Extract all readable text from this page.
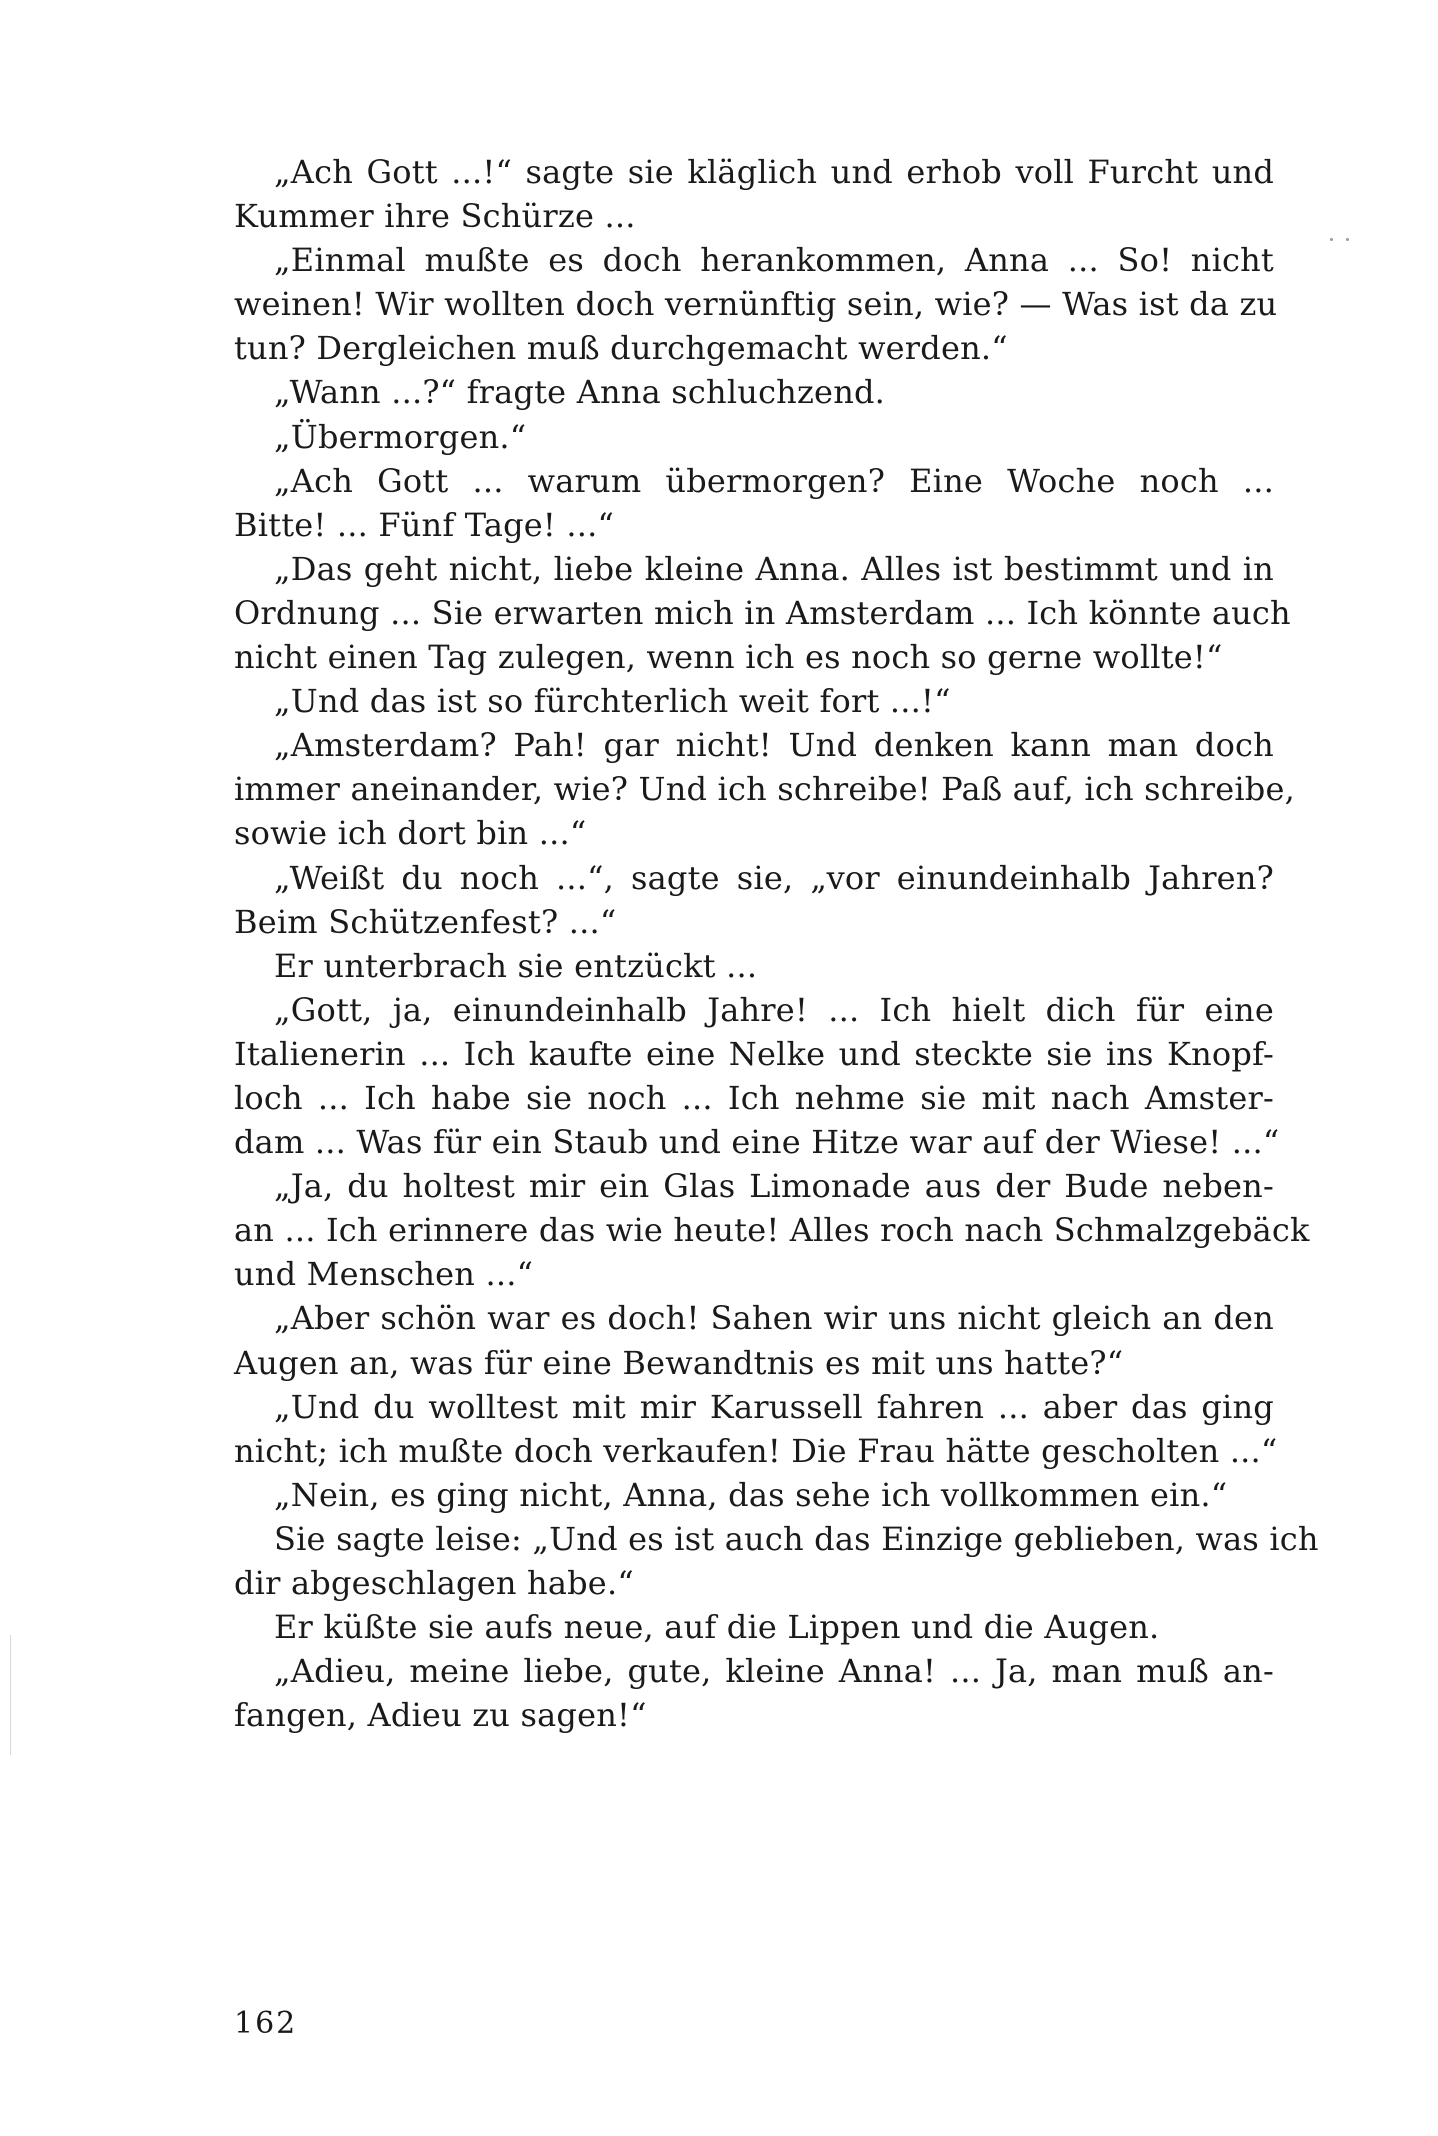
„Ach Gott ...!“ sagte sie kläglich und erhob voll Furcht und
Kummer ihre Schürze ...
„Einmal mußte es doch herankommen, Anna ... So! nicht
weinen! Wir wollten doch vernünftig sein, wie? — Was ist da zu
tun? Dergleichen muß durchgemacht werden.“
„Wann ...?“ fragte Anna schluchzend.
„Übermorgen.“
„Ach Gott ... warum übermorgen? Eine Woche noch ...
Bitte! ... Fünf Tage! ...“
„Das geht nicht, liebe kleine Anna. Alles ist bestimmt und in
Ordnung ... Sie erwarten mich in Amsterdam ... Ich könnte auch
nicht einen Tag zulegen, wenn ich es noch so gerne wollte!“
„Und das ist so fürchterlich weit fort ...!“
„Amsterdam? Pah! gar nicht! Und denken kann man doch
immer aneinander, wie? Und ich schreibe! Paß auf, ich schreibe,
sowie ich dort bin ...“
„Weißt du noch ...“, sagte sie, „vor einundeinhalb Jahren?
Beim Schützenfest? ...“
Er unterbrach sie entzückt ...
„Gott, ja, einundeinhalb Jahre! ... Ich hielt dich für eine
Italienerin ... Ich kaufte eine Nelke und steckte sie ins Knopf-
loch ... Ich habe sie noch ... Ich nehme sie mit nach Amster-
dam ... Was für ein Staub und eine Hitze war auf der Wiese! ...“
„Ja, du holtest mir ein Glas Limonade aus der Bude neben-
an ... Ich erinnere das wie heute! Alles roch nach Schmalzgebäck
und Menschen ...“
„Aber schön war es doch! Sahen wir uns nicht gleich an den
Augen an, was für eine Bewandtnis es mit uns hatte?“
„Und du wolltest mit mir Karussell fahren ... aber das ging
nicht; ich mußte doch verkaufen! Die Frau hätte gescholten ...“
„Nein, es ging nicht, Anna, das sehe ich vollkommen ein.“
Sie sagte leise: „Und es ist auch das Einzige geblieben, was ich
dir abgeschlagen habe.“
Er küßte sie aufs neue, auf die Lippen und die Augen.
„Adieu, meine liebe, gute, kleine Anna! ... Ja, man muß an-
fangen, Adieu zu sagen!“
162
